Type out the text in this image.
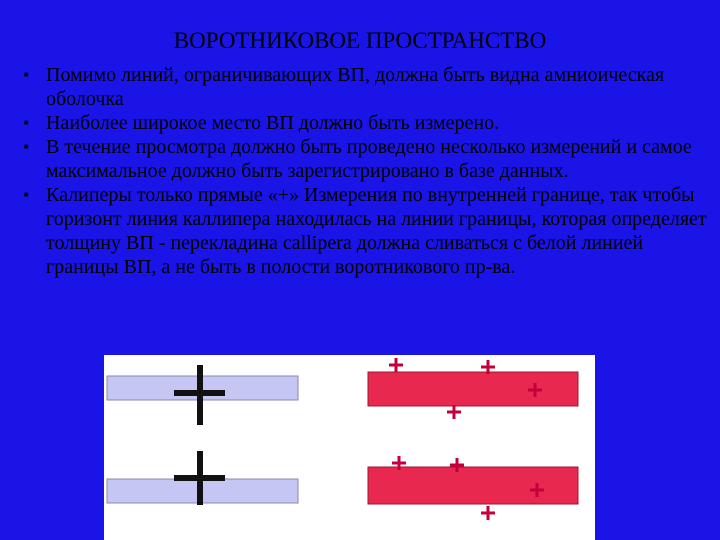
ВОРОТНИКОВОЕ ПРОСТРАНСТВО
• Помимо линий, ограничивающих ВП, должна быть видна амниоическая оболочка
• Наиболее широкое место ВП должно быть измерено.
• В течение просмотра должно быть проведено несколько измерений и самое максимальное должно быть зарегистрировано в базе данных.
• Калиперы только прямые «+» Измерения по внутренней границе, так чтобы горизонт линия каллипера находилась на линии границы, которая определяет толщину ВП - перекладина callipera должна сливаться с белой линией границы ВП, а не быть в полости воротникового пр-ва.
